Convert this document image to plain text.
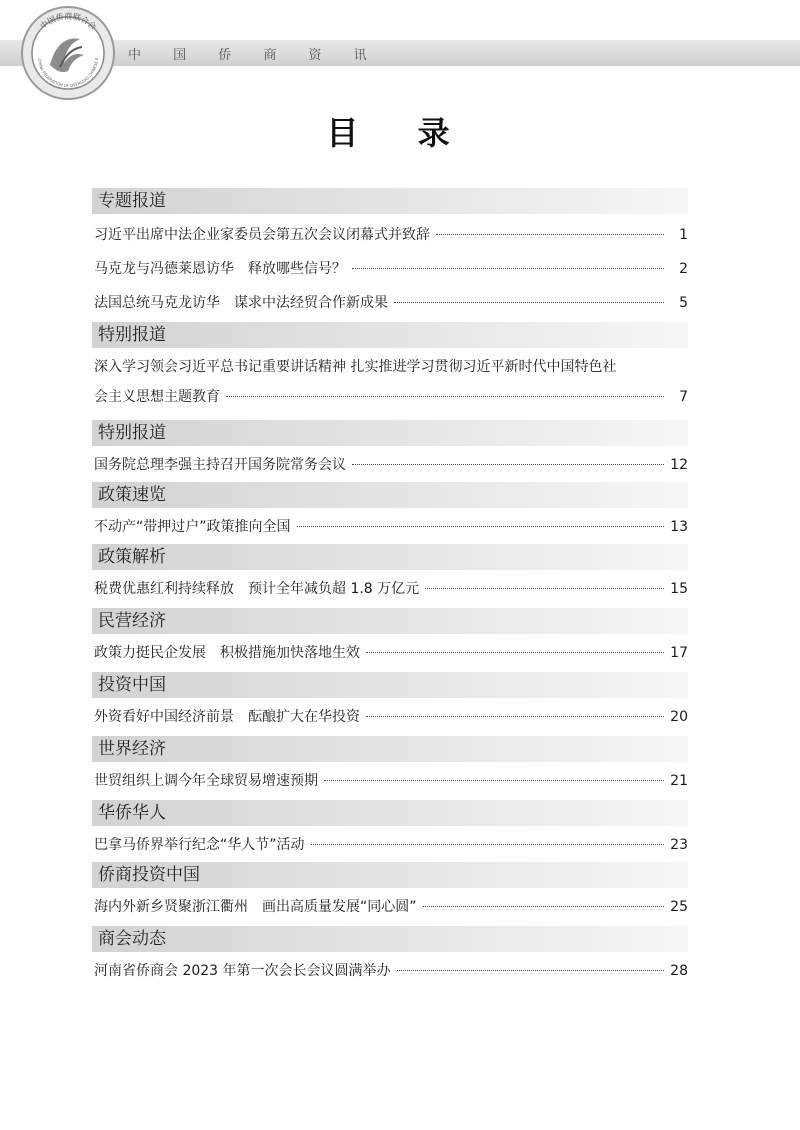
中 国 侨 商 资 讯
中国侨商联合会
CHINA FEDERATION OF OVERSEAS CHINESE E
目 录
专题报道
习近平出席中法企业家委员会第五次会议闭幕式并致辞	1
马克龙与冯德莱恩访华　释放哪些信号？	2
法国总统马克龙访华　谋求中法经贸合作新成果	5
特别报道
深入学习领会习近平总书记重要讲话精神 扎实推进学习贯彻习近平新时代中国特色社
会主义思想主题教育	7
特别报道
国务院总理李强主持召开国务院常务会议	12
政策速览
不动产“带押过户”政策推向全国	13
政策解析
税费优惠红利持续释放　预计全年减负超 1.8 万亿元	15
民营经济
政策力挺民企发展　积极措施加快落地生效	17
投资中国
外资看好中国经济前景　酝酿扩大在华投资	20
世界经济
世贸组织上调今年全球贸易增速预期	21
华侨华人
巴拿马侨界举行纪念“华人节”活动	23
侨商投资中国
海内外新乡贤聚浙江衢州　画出高质量发展“同心圆”	25
商会动态
河南省侨商会 2023 年第一次会长会议圆满举办	28
